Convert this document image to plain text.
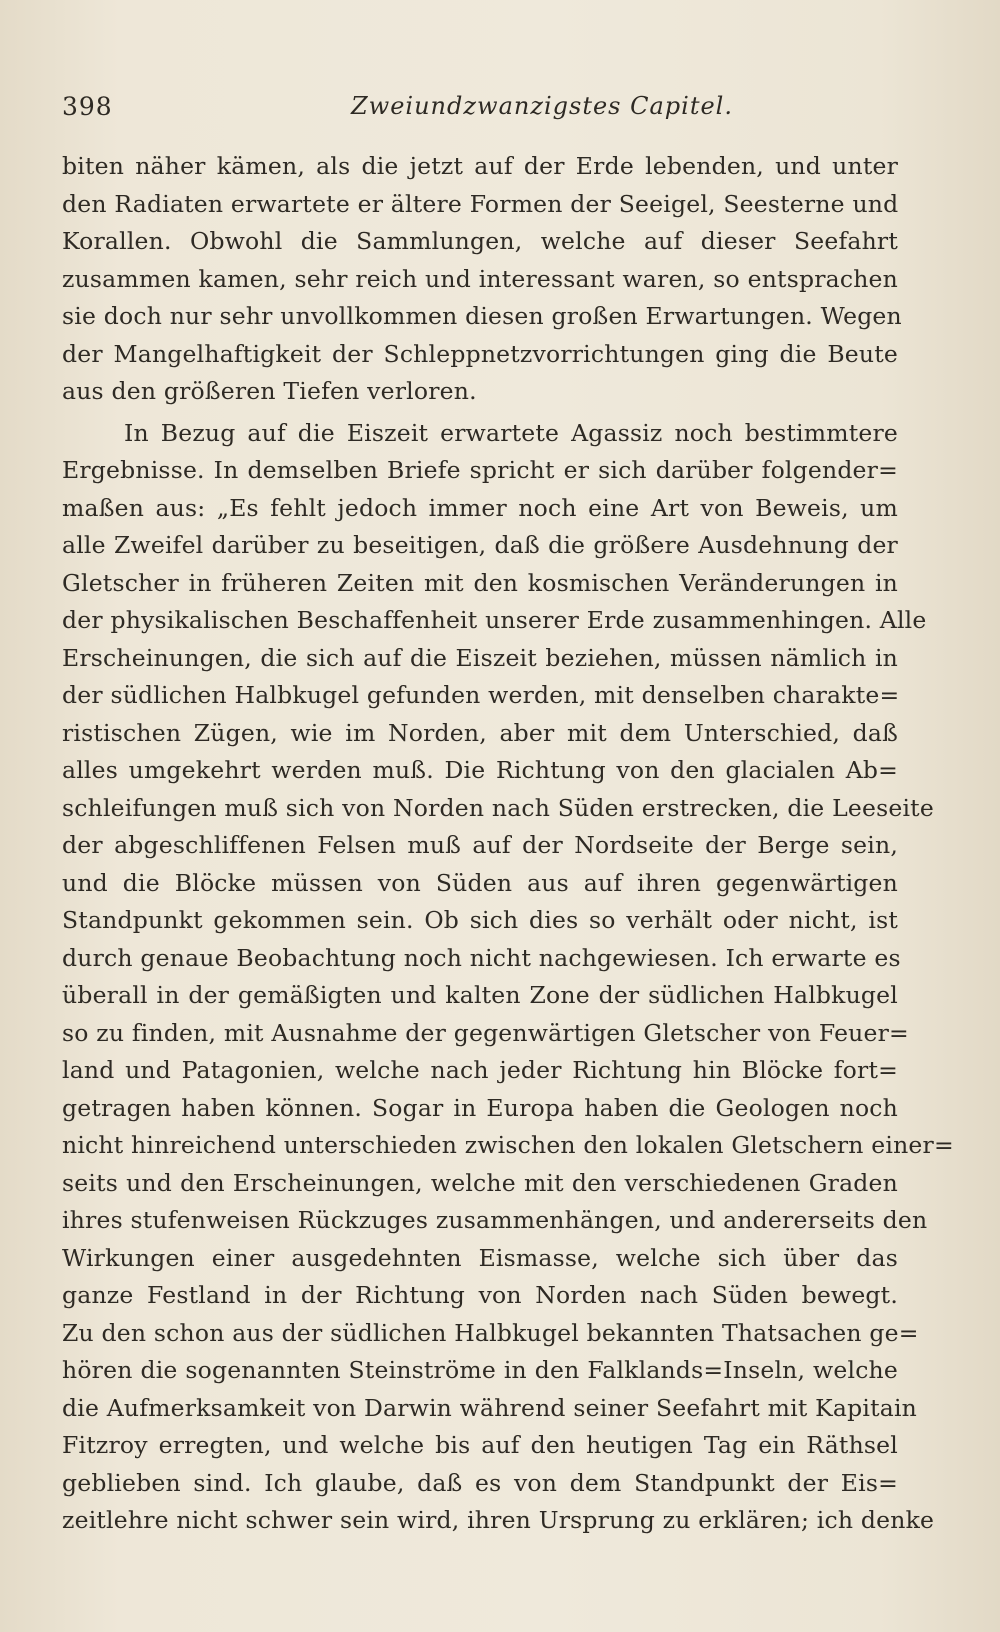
398	Zweiundzwanzigstes Capitel.
biten näher kämen, als die jetzt auf der Erde lebenden, und unter
den Radiaten erwartete er ältere Formen der Seeigel, Seesterne und
Korallen. Obwohl die Sammlungen, welche auf dieser Seefahrt
zusammen kamen, sehr reich und interessant waren, so entsprachen
sie doch nur sehr unvollkommen diesen großen Erwartungen. Wegen
der Mangelhaftigkeit der Schleppnetzvorrichtungen ging die Beute
aus den größeren Tiefen verloren.
In Bezug auf die Eiszeit erwartete Agassiz noch bestimmtere
Ergebnisse. In demselben Briefe spricht er sich darüber folgender=
maßen aus: „Es fehlt jedoch immer noch eine Art von Beweis, um
alle Zweifel darüber zu beseitigen, daß die größere Ausdehnung der
Gletscher in früheren Zeiten mit den kosmischen Veränderungen in
der physikalischen Beschaffenheit unserer Erde zusammenhingen. Alle
Erscheinungen, die sich auf die Eiszeit beziehen, müssen nämlich in
der südlichen Halbkugel gefunden werden, mit denselben charakte=
ristischen Zügen, wie im Norden, aber mit dem Unterschied, daß
alles umgekehrt werden muß. Die Richtung von den glacialen Ab=
schleifungen muß sich von Norden nach Süden erstrecken, die Leeseite
der abgeschliffenen Felsen muß auf der Nordseite der Berge sein,
und die Blöcke müssen von Süden aus auf ihren gegenwärtigen
Standpunkt gekommen sein. Ob sich dies so verhält oder nicht, ist
durch genaue Beobachtung noch nicht nachgewiesen. Ich erwarte es
überall in der gemäßigten und kalten Zone der südlichen Halbkugel
so zu finden, mit Ausnahme der gegenwärtigen Gletscher von Feuer=
land und Patagonien, welche nach jeder Richtung hin Blöcke fort=
getragen haben können. Sogar in Europa haben die Geologen noch
nicht hinreichend unterschieden zwischen den lokalen Gletschern einer=
seits und den Erscheinungen, welche mit den verschiedenen Graden
ihres stufenweisen Rückzuges zusammenhängen, und andererseits den
Wirkungen einer ausgedehnten Eismasse, welche sich über das
ganze Festland in der Richtung von Norden nach Süden bewegt.
Zu den schon aus der südlichen Halbkugel bekannten Thatsachen ge=
hören die sogenannten Steinströme in den Falklands=Inseln, welche
die Aufmerksamkeit von Darwin während seiner Seefahrt mit Kapitain
Fitzroy erregten, und welche bis auf den heutigen Tag ein Räthsel
geblieben sind. Ich glaube, daß es von dem Standpunkt der Eis=
zeitlehre nicht schwer sein wird, ihren Ursprung zu erklären; ich denke
